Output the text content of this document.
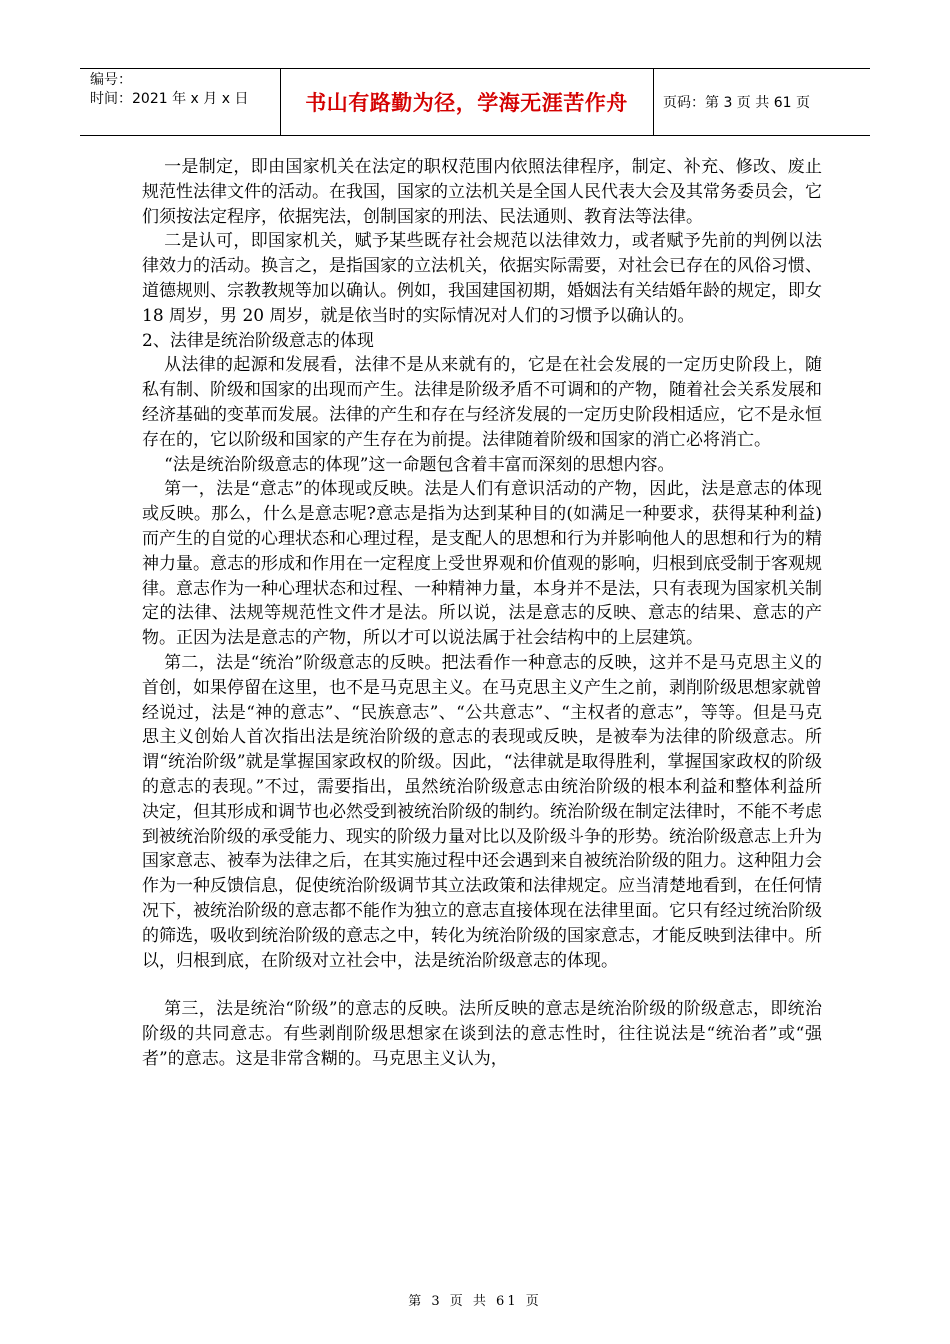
编号：
时间：2021 年 x 月 x 日	书山有路勤为径，学海无涯苦作舟	页码：第 3 页 共 61 页

一是制定，即由国家机关在法定的职权范围内依照法律程序，制定、补充、修改、废止规范性法律文件的活动。在我国，国家的立法机关是全国人民代表大会及其常务委员会，它们须按法定程序，依据宪法，创制国家的刑法、民法通则、教育法等法律。

二是认可，即国家机关，赋予某些既存社会规范以法律效力，或者赋予先前的判例以法律效力的活动。换言之，是指国家的立法机关，依据实际需要，对社会已存在的风俗习惯、道德规则、宗教教规等加以确认。例如，我国建国初期，婚姻法有关结婚年龄的规定，即女 18 周岁，男 20 周岁，就是依当时的实际情况对人们的习惯予以确认的。

2、法律是统治阶级意志的体现

从法律的起源和发展看，法律不是从来就有的，它是在社会发展的一定历史阶段上，随私有制、阶级和国家的出现而产生。法律是阶级矛盾不可调和的产物，随着社会关系发展和经济基础的变革而发展。法律的产生和存在与经济发展的一定历史阶段相适应，它不是永恒存在的，它以阶级和国家的产生存在为前提。法律随着阶级和国家的消亡必将消亡。

“法是统治阶级意志的体现”这一命题包含着丰富而深刻的思想内容。

第一，法是“意志”的体现或反映。法是人们有意识活动的产物，因此，法是意志的体现或反映。那么，什么是意志呢?意志是指为达到某种目的(如满足一种要求，获得某种利益)而产生的自觉的心理状态和心理过程，是支配人的思想和行为并影响他人的思想和行为的精神力量。意志的形成和作用在一定程度上受世界观和价值观的影响，归根到底受制于客观规律。意志作为一种心理状态和过程、一种精神力量，本身并不是法，只有表现为国家机关制定的法律、法规等规范性文件才是法。所以说，法是意志的反映、意志的结果、意志的产物。正因为法是意志的产物，所以才可以说法属于社会结构中的上层建筑。

第二，法是“统治”阶级意志的反映。把法看作一种意志的反映，这并不是马克思主义的首创，如果停留在这里，也不是马克思主义。在马克思主义产生之前，剥削阶级思想家就曾经说过，法是“神的意志”、“民族意志”、“公共意志”、“主权者的意志”，等等。但是马克思主义创始人首次指出法是统治阶级的意志的表现或反映，是被奉为法律的阶级意志。所谓“统治阶级”就是掌握国家政权的阶级。因此，“法律就是取得胜利，掌握国家政权的阶级的意志的表现。”不过，需要指出，虽然统治阶级意志由统治阶级的根本利益和整体利益所决定，但其形成和调节也必然受到被统治阶级的制约。统治阶级在制定法律时，不能不考虑到被统治阶级的承受能力、现实的阶级力量对比以及阶级斗争的形势。统治阶级意志上升为国家意志、被奉为法律之后，在其实施过程中还会遇到来自被统治阶级的阻力。这种阻力会作为一种反馈信息，促使统治阶级调节其立法政策和法律规定。应当清楚地看到，在任何情况下，被统治阶级的意志都不能作为独立的意志直接体现在法律里面。它只有经过统治阶级的筛选，吸收到统治阶级的意志之中，转化为统治阶级的国家意志，才能反映到法律中。所以，归根到底，在阶级对立社会中，法是统治阶级意志的体现。

第三，法是统治“阶级”的意志的反映。法所反映的意志是统治阶级的阶级意志，即统治阶级的共同意志。有些剥削阶级思想家在谈到法的意志性时，往往说法是“统治者”或“强者”的意志。这是非常含糊的。马克思主义认为，

第 3 页 共 61 页
